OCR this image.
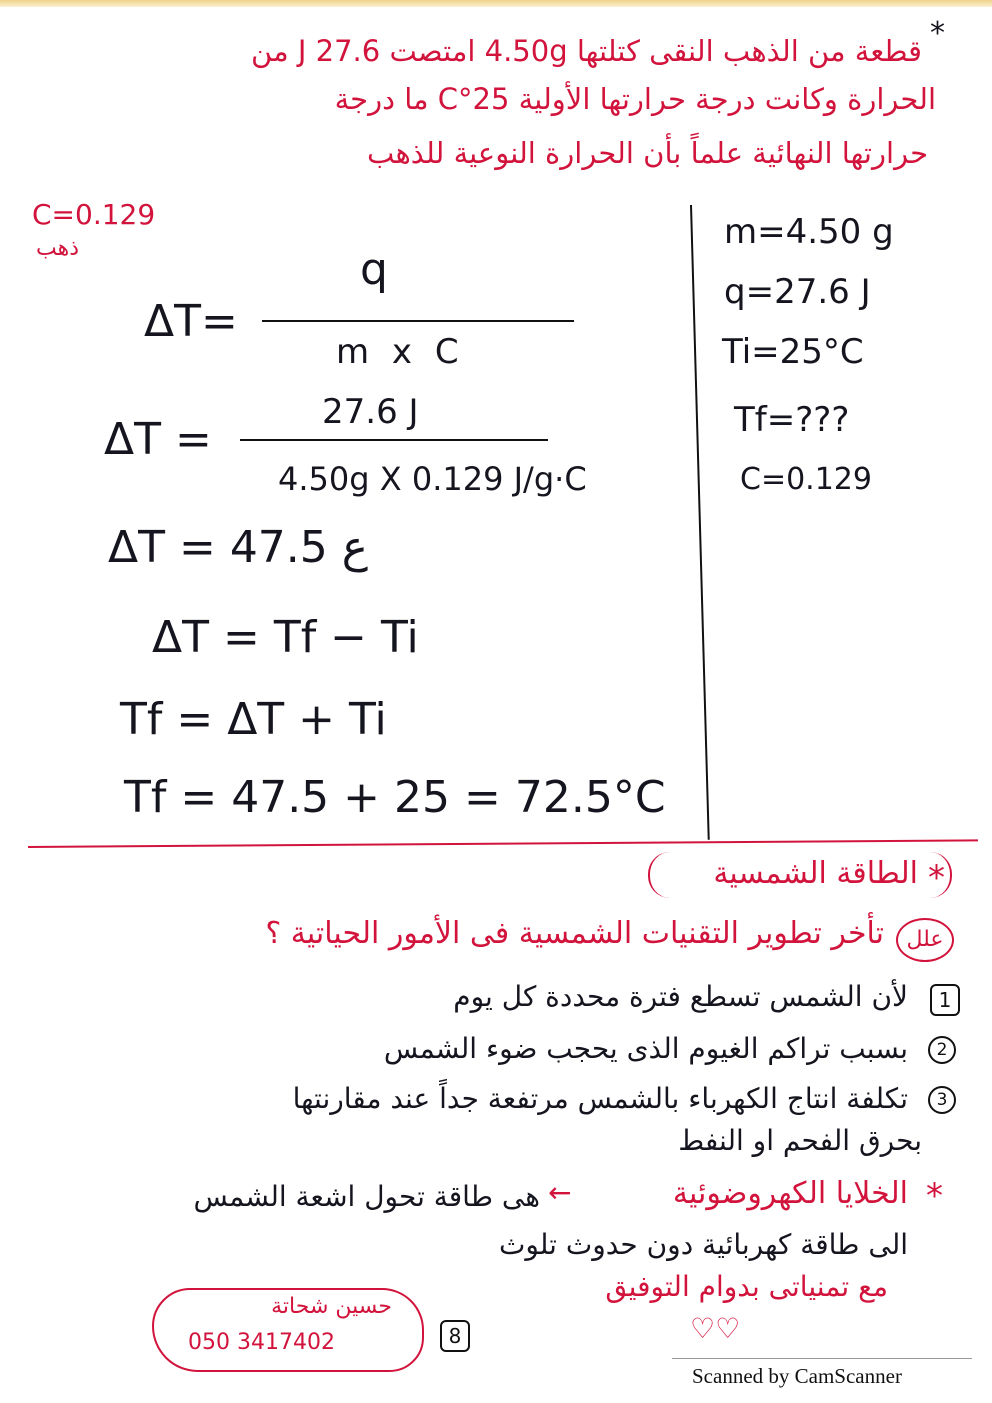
*
قطعة من الذهب النقى كتلتها 4.50g امتصت 27.6 J من
الحرارة وكانت درجة حرارتها الأولية 25°C ما درجة
حرارتها النهائية علماً بأن الحرارة النوعية للذهب
C=0.129
ذهب	m=4.50 g
q=27.6 J
Ti=25°C
Tf=???
C=0.129
ΔT=
q
m x C
ΔT =
27.6 J
4.50g X 0.129 J/g·C
ΔT = 47.5 ع
ΔT = Tf − Ti
Tf = ΔT + Ti
Tf = 47.5 + 25 = 72.5°C
الطاقة الشمسية *
علل
تأخر تطوير التقنيات الشمسية فى الأمور الحياتية ؟
1
لأن الشمس تسطع فترة محددة كل يوم
2
بسبب تراكم الغيوم الذى يحجب ضوء الشمس
3
تكلفة انتاج الكهرباء بالشمس مرتفعة جداً عند مقارنتها
بحرق الفحم او النفط
*
الخلايا الكهروضوئية
←
هى طاقة تحول اشعة الشمس
الى طاقة كهربائية دون حدوث تلوث
مع تمنياتى بدوام التوفيق
♡♡
حسين شحاتة
050 3417402	8
Scanned by CamScanner
